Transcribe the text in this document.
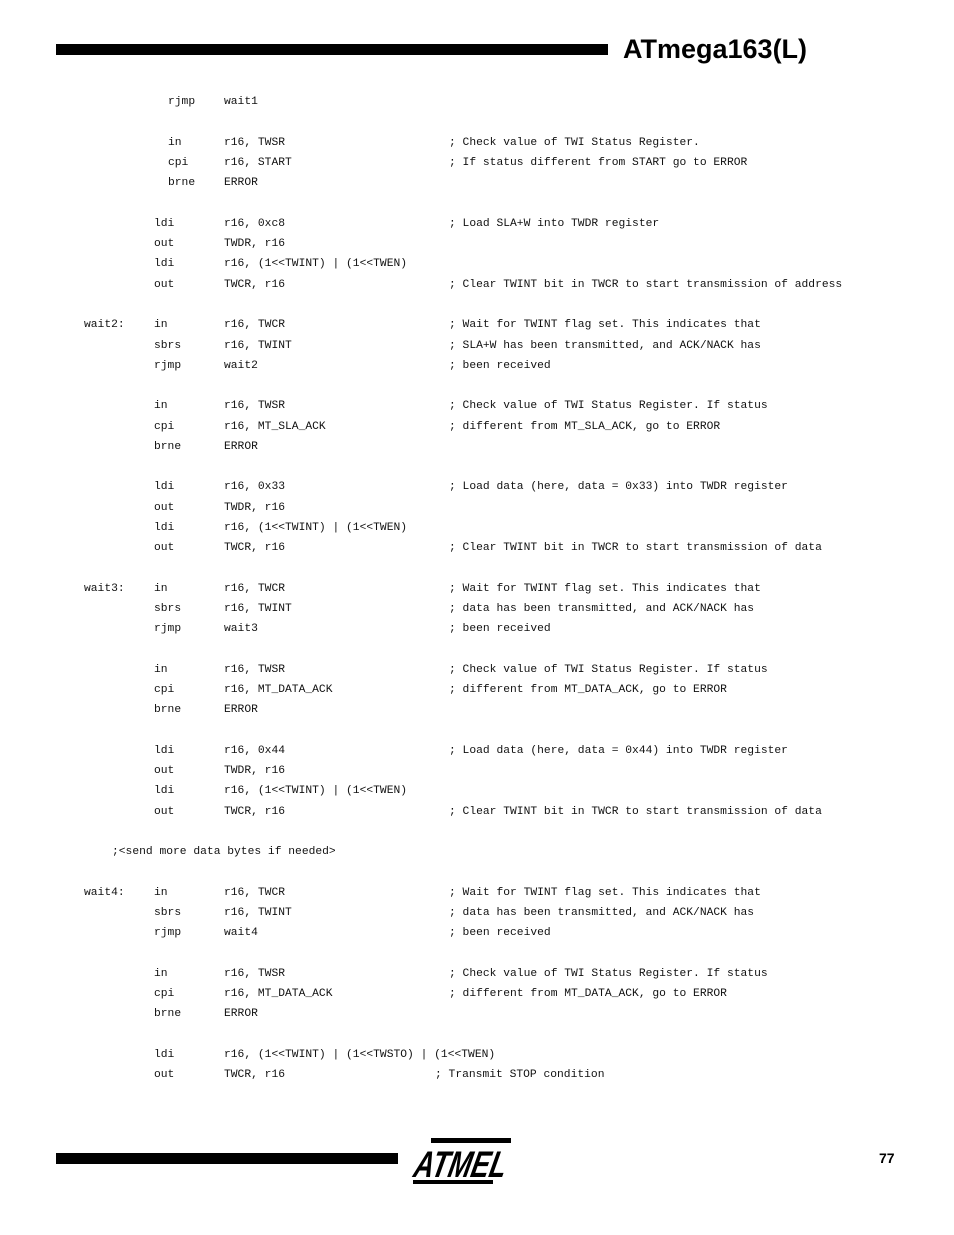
ATmega163(L)
rjmp	wait1
in	r16, TWSR	; Check value of TWI Status Register.
cpi	r16, START	; If status different from START go to ERROR
brne	ERROR
ldi	r16, 0xc8	; Load SLA+W into TWDR register
out	TWDR, r16
ldi	r16, (1<<TWINT) | (1<<TWEN)
out	TWCR, r16	; Clear TWINT bit in TWCR to start transmission of address
wait2:	in	r16, TWCR	; Wait for TWINT flag set. This indicates that
sbrs	r16, TWINT	; SLA+W has been transmitted, and ACK/NACK has
rjmp	wait2	; been received
in	r16, TWSR	; Check value of TWI Status Register. If status
cpi	r16, MT_SLA_ACK	; different from MT_SLA_ACK, go to ERROR
brne	ERROR
ldi	r16, 0x33	; Load data (here, data = 0x33) into TWDR register
out	TWDR, r16
ldi	r16, (1<<TWINT) | (1<<TWEN)
out	TWCR, r16	; Clear TWINT bit in TWCR to start transmission of data
wait3:	in	r16, TWCR	; Wait for TWINT flag set. This indicates that
sbrs	r16, TWINT	; data has been transmitted, and ACK/NACK has
rjmp	wait3	; been received
in	r16, TWSR	; Check value of TWI Status Register. If status
cpi	r16, MT_DATA_ACK	; different from MT_DATA_ACK, go to ERROR
brne	ERROR
ldi	r16, 0x44	; Load data (here, data = 0x44) into TWDR register
out	TWDR, r16
ldi	r16, (1<<TWINT) | (1<<TWEN)
out	TWCR, r16	; Clear TWINT bit in TWCR to start transmission of data
;<send more data bytes if needed>
wait4:	in	r16, TWCR	; Wait for TWINT flag set. This indicates that
sbrs	r16, TWINT	; data has been transmitted, and ACK/NACK has
rjmp	wait4	; been received
in	r16, TWSR	; Check value of TWI Status Register. If status
cpi	r16, MT_DATA_ACK	; different from MT_DATA_ACK, go to ERROR
brne	ERROR
ldi	r16, (1<<TWINT) | (1<<TWSTO) | (1<<TWEN)
out	TWCR, r16	; Transmit STOP condition
ATMEL	77
